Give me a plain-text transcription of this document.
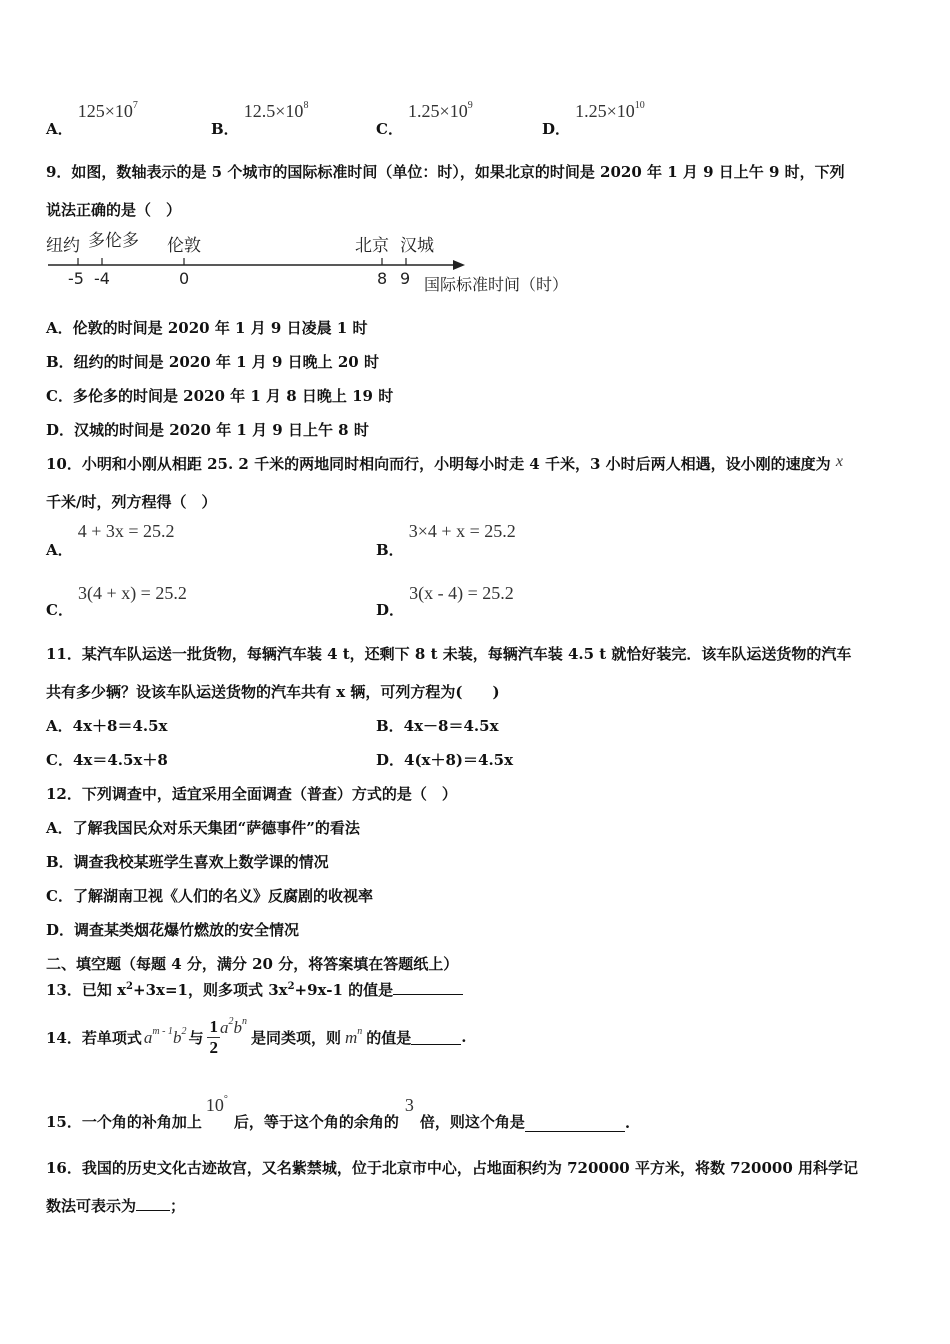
A． $125\times 10^7$
B． $12.5\times 10^8$
C． $1.25\times 10^9$
D． $1.25\times 10^{10}$
9．如图，数轴表示的是 5 个城市的国际标准时间（单位：时），如果北京的时间是 2020 年 1 月 9 日上午 9 时，下列
说法正确的是（　）
纽约 多伦多 伦敦	北京 汉城
-5 -4	0	8 9 国际标准时间（时）
A．伦敦的时间是 2020 年 1 月 9 日凌晨 1 时
B．纽约的时间是 2020 年 1 月 9 日晚上 20 时
C．多伦多的时间是 2020 年 1 月 8 日晚上 19 时
D．汉城的时间是 2020 年 1 月 9 日上午 8 时
10．小明和小刚从相距 25. 2 千米的两地同时相向而行，小明每小时走 4 千米，3 小时后两人相遇，设小刚的速度为 x
千米/时，列方程得（　）
A． 4 + 3x = 25.2
B． 3×4 + x = 25.2
C． 3(4 + x) = 25.2
D． 3(x - 4) = 25.2
11．某汽车队运送一批货物，每辆汽车装 4 t，还剩下 8 t 未装，每辆汽车装 4.5 t 就恰好装完．该车队运送货物的汽车
共有多少辆？设该车队运送货物的汽车共有 x 辆，可列方程为(　　)
A．4x＋8＝4.5x	B．4x－8＝4.5x
C．4x＝4.5x＋8	D．4(x＋8)＝4.5x
12．下列调查中，适宜采用全面调查（普查）方式的是（　）
A．了解我国民众对乐天集团“萨德事件”的看法
B．调查我校某班学生喜欢上数学课的情况
C．了解湖南卫视《人们的名义》反腐剧的收视率
D．调查某类烟花爆竹燃放的安全情况
二、填空题（每题 4 分，满分 20 分，将答案填在答题纸上）
13．已知 $x^2+3x=1$，则多项式 $3x^2+9x-1$ 的值是
14．若单项式 $a^{m - 1}b^2$ 与 $\frac{1}{2} a^2b^n$
是同类项，则 $m^n$ 的值是	.
15．一个角的补角加上
10°
后，等于这个角的余角的
3
倍，则这个角是	.
16．我国的历史文化古迹故宫，又名紫禁城，位于北京市中心，占地面积约为 720000 平方米，将数 720000 用科学记
数法可表示为 ；
